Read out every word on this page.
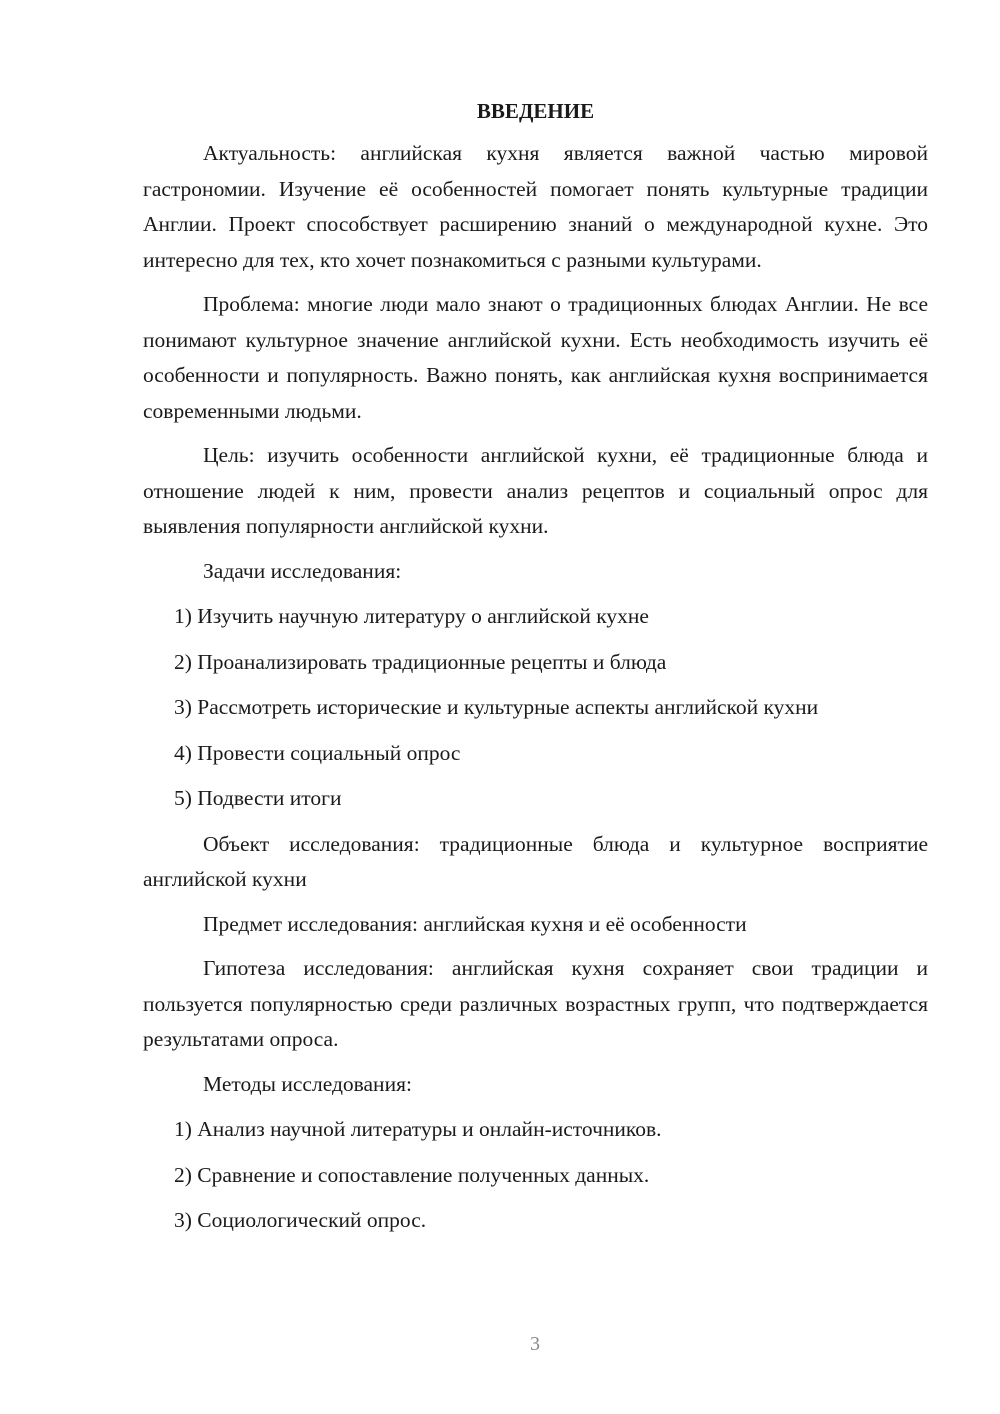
ВВЕДЕНИЕ

Актуальность: английская кухня является важной частью мировой гастрономии. Изучение её особенностей помогает понять культурные традиции Англии. Проект способствует расширению знаний о международной кухне. Это интересно для тех, кто хочет познакомиться с разными культурами.

Проблема: многие люди мало знают о традиционных блюдах Англии. Не все понимают культурное значение английской кухни. Есть необходимость изучить её особенности и популярность. Важно понять, как английская кухня воспринимается современными людьми.

Цель: изучить особенности английской кухни, её традиционные блюда и отношение людей к ним, провести анализ рецептов и социальный опрос для выявления популярности английской кухни.

Задачи исследования:
1) Изучить научную литературу о английской кухне
2) Проанализировать традиционные рецепты и блюда
3) Рассмотреть исторические и культурные аспекты английской кухни
4) Провести социальный опрос
5) Подвести итоги

Объект исследования: традиционные блюда и культурное восприятие английской кухни

Предмет исследования: английская кухня и её особенности

Гипотеза исследования: английская кухня сохраняет свои традиции и пользуется популярностью среди различных возрастных групп, что подтверждается результатами опроса.

Методы исследования:
1) Анализ научной литературы и онлайн-источников.
2) Сравнение и сопоставление полученных данных.
3) Социологический опрос.
3
